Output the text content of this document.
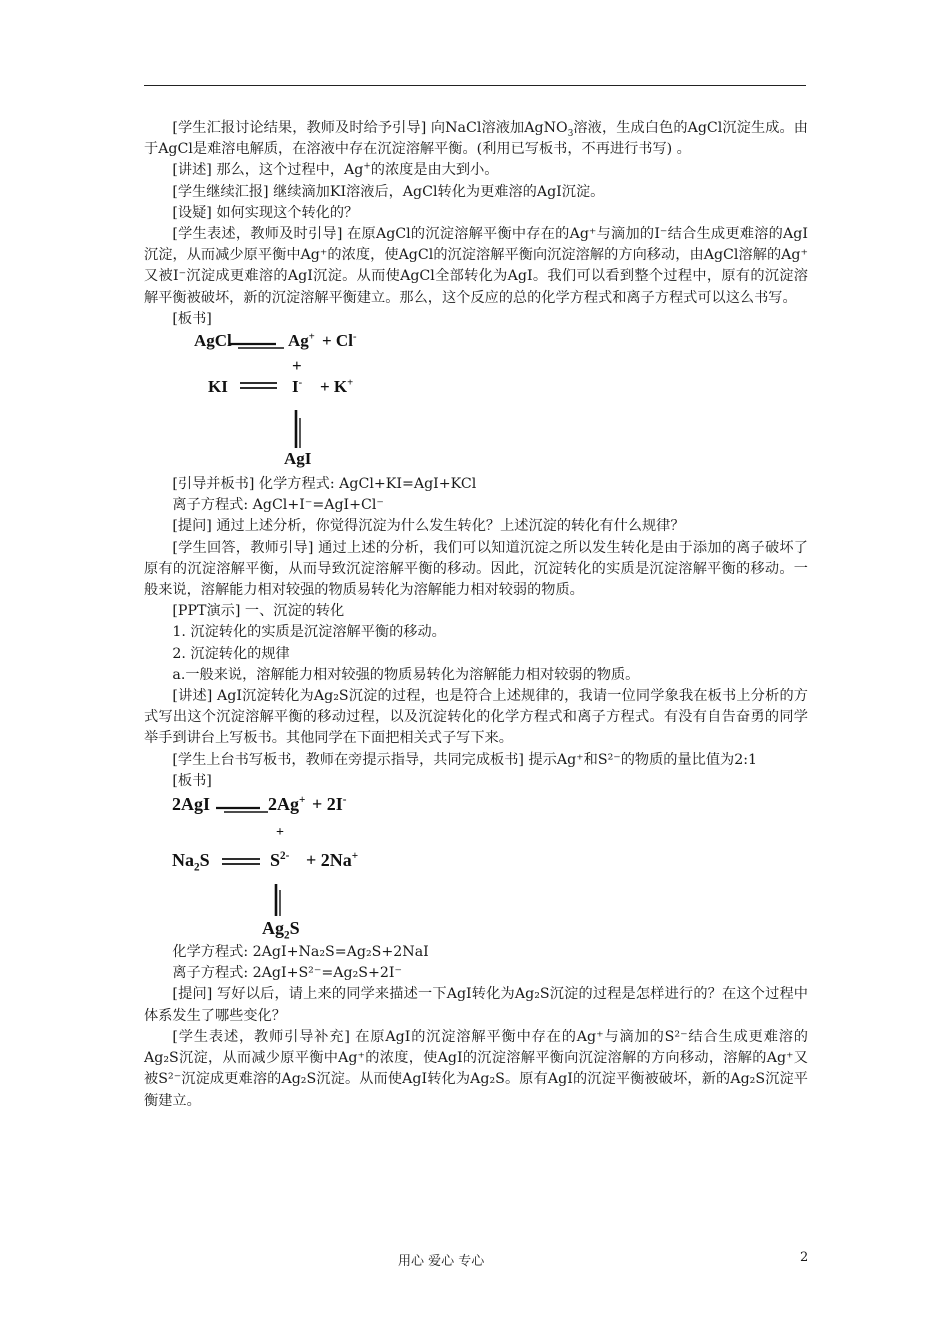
[学生汇报讨论结果，教师及时给予引导] 向NaCl溶液加AgNO$_3$溶液，生成白色的AgCl沉淀生成。由于AgCl是难溶电解质，在溶液中存在沉淀溶解平衡。(利用已写板书，不再进行书写) 。

[讲述] 那么，这个过程中，Ag+的浓度是由大到小。

[学生继续汇报] 继续滴加KI溶液后，AgCl转化为更难溶的AgI沉淀。

[设疑] 如何实现这个转化的？

[学生表述，教师及时引导] 在原AgCl的沉淀溶解平衡中存在的Ag⁺与滴加的I⁻结合生成更难溶的AgI沉淀，从而减少原平衡中Ag⁺的浓度，使AgCl的沉淀溶解平衡向沉淀溶解的方向移动，由AgCl溶解的Ag⁺又被I⁻沉淀成更难溶的AgI沉淀。从而使AgCl全部转化为AgI。我们可以看到整个过程中，原有的沉淀溶解平衡被破坏，新的沉淀溶解平衡建立。那么，这个反应的总的化学方程式和离子方程式可以这么书写。

[板书]

AgCl	Ag+ + Cl-
+
KI	I- + K+
AgI

[引导并板书] 化学方程式: AgCl+KI=AgI+KCl

离子方程式: AgCl+I⁻=AgI+Cl⁻

[提问] 通过上述分析，你觉得沉淀为什么发生转化？上述沉淀的转化有什么规律？

[学生回答，教师引导] 通过上述的分析，我们可以知道沉淀之所以发生转化是由于添加的离子破坏了原有的沉淀溶解平衡，从而导致沉淀溶解平衡的移动。因此，沉淀转化的实质是沉淀溶解平衡的移动。一般来说，溶解能力相对较强的物质易转化为溶解能力相对较弱的物质。

[PPT演示] 一、沉淀的转化

1. 沉淀转化的实质是沉淀溶解平衡的移动。

2. 沉淀转化的规律

a.一般来说，溶解能力相对较强的物质易转化为溶解能力相对较弱的物质。

[讲述] AgI沉淀转化为Ag₂S沉淀的过程，也是符合上述规律的，我请一位同学象我在板书上分析的方式写出这个沉淀溶解平衡的移动过程，以及沉淀转化的化学方程式和离子方程式。有没有自告奋勇的同学举手到讲台上写板书。其他同学在下面把相关式子写下来。

[学生上台书写板书，教师在旁提示指导，共同完成板书] 提示Ag⁺和S²⁻的物质的量比值为2:1

[板书]

2AgI	2Ag+ + 2I-
+
$Na_2S$	$S^{2-} + 2Na^+$
$Ag_2S$

化学方程式: 2AgI+Na₂S=Ag₂S+2NaI

离子方程式: 2AgI+S²⁻=Ag₂S+2I⁻

[提问] 写好以后，请上来的同学来描述一下AgI转化为Ag₂S沉淀的过程是怎样进行的？在这个过程中体系发生了哪些变化？

[学生表述，教师引导补充] 在原AgI的沉淀溶解平衡中存在的Ag⁺与滴加的S²⁻结合生成更难溶的Ag₂S沉淀，从而减少原平衡中Ag⁺的浓度，使AgI的沉淀溶解平衡向沉淀溶解的方向移动，溶解的Ag⁺又被S²⁻沉淀成更难溶的Ag₂S沉淀。从而使AgI转化为Ag₂S。原有AgI的沉淀平衡被破坏，新的Ag₂S沉淀平衡建立。

用心 爱心 专心	2
